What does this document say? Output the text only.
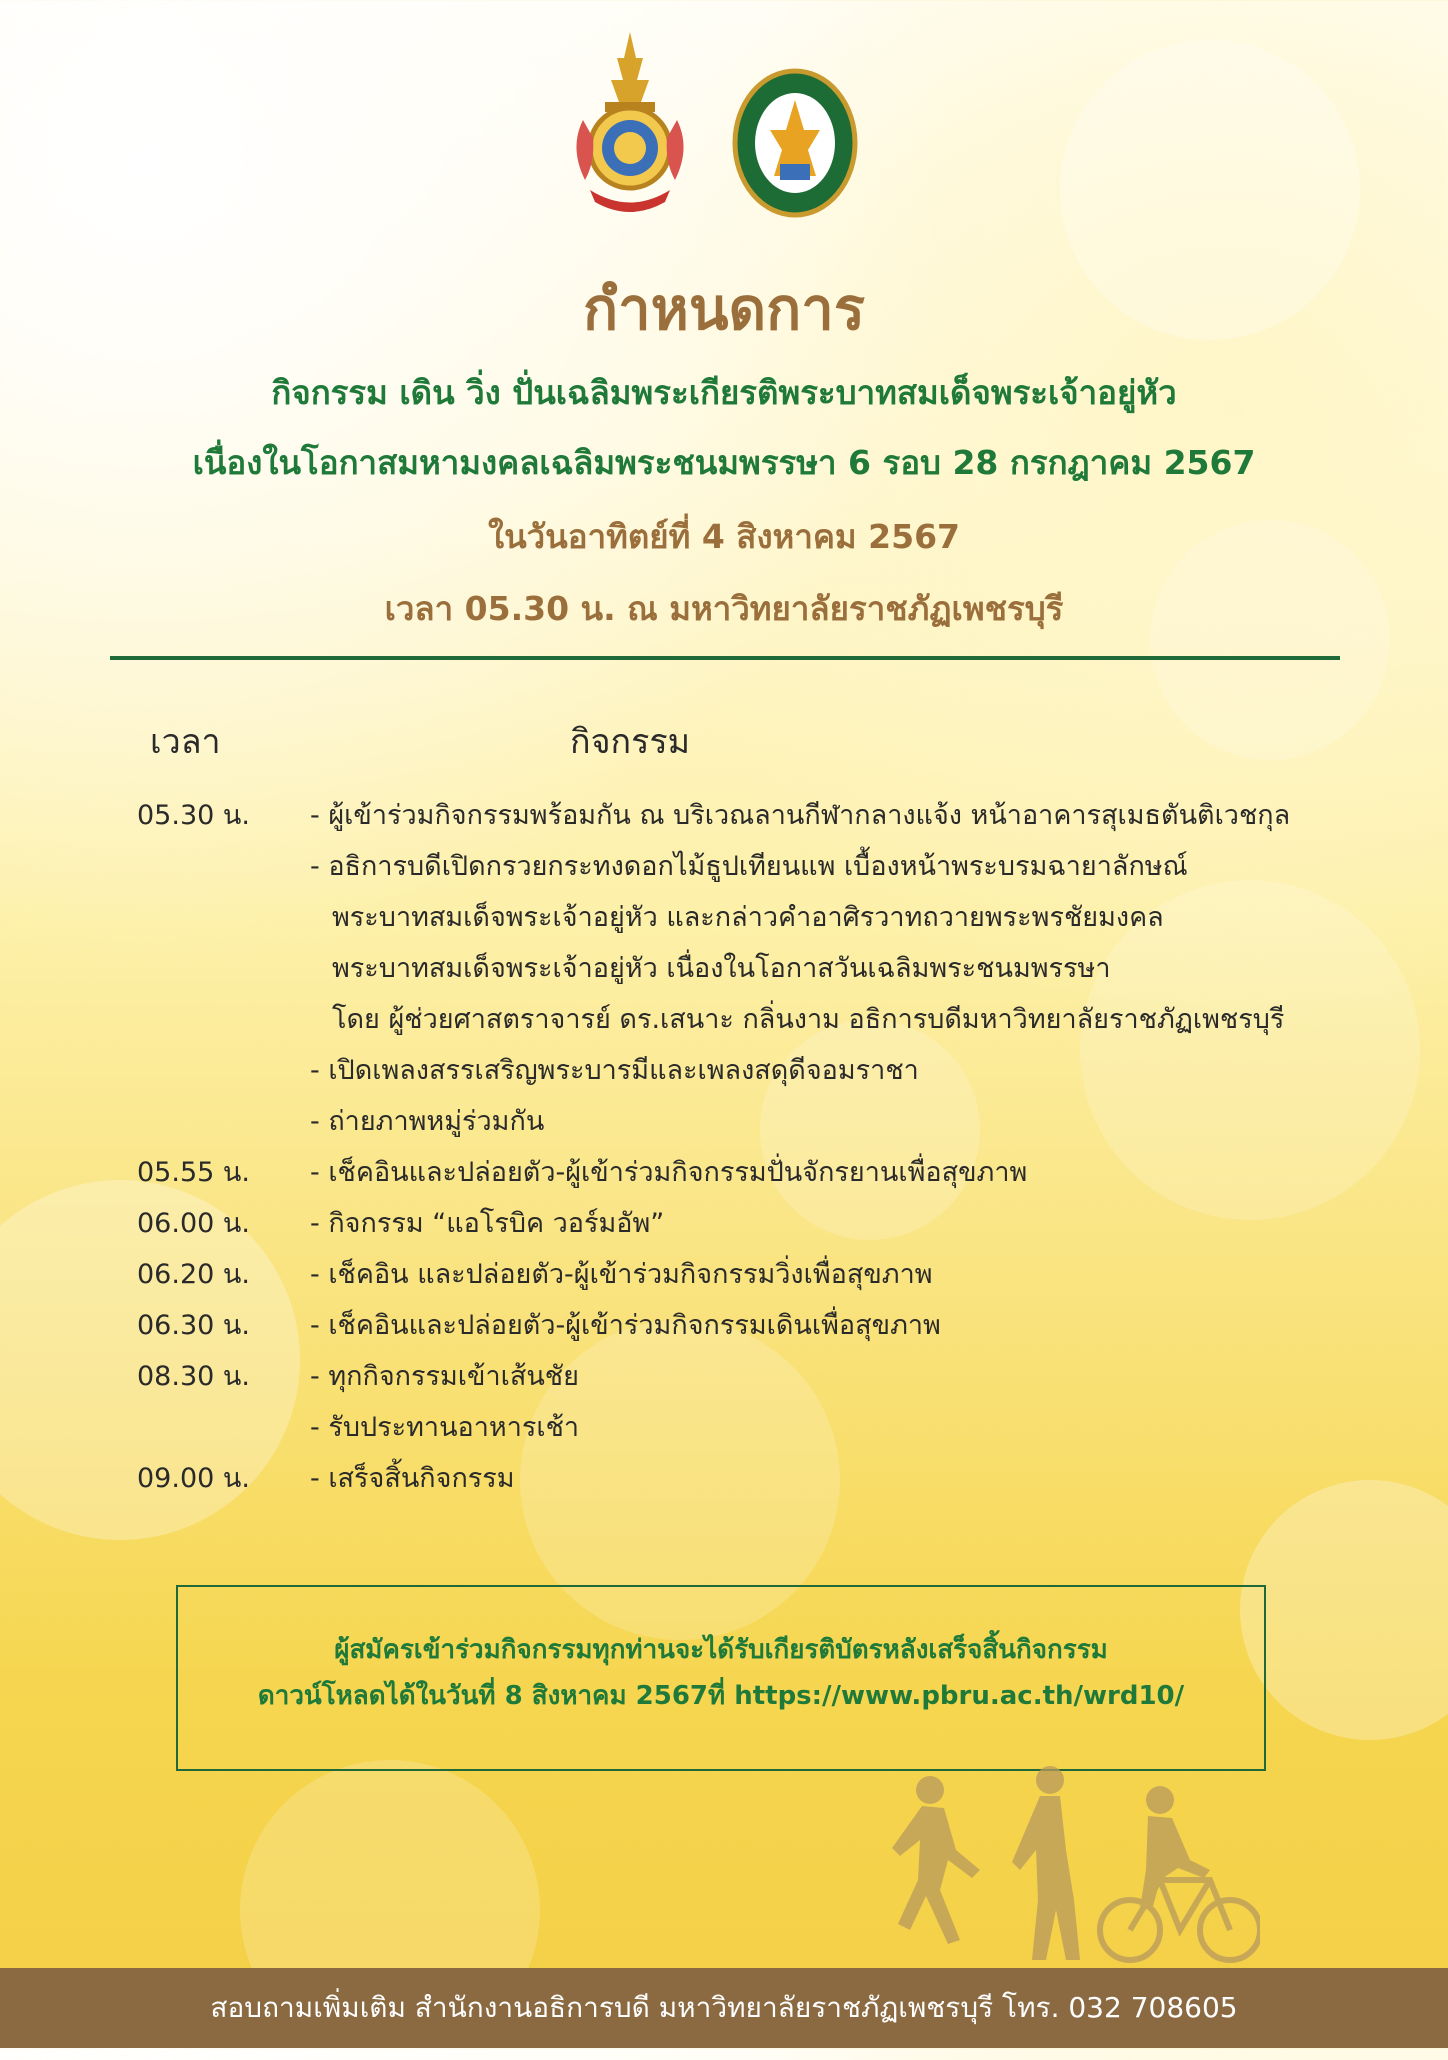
กำหนดการ
กิจกรรม เดิน วิ่ง ปั่นเฉลิมพระเกียรติพระบาทสมเด็จพระเจ้าอยู่หัว
เนื่องในโอกาสมหามงคลเฉลิมพระชนมพรรษา 6 รอบ 28 กรกฎาคม 2567
ในวันอาทิตย์ที่ 4 สิงหาคม 2567
เวลา 05.30 น. ณ มหาวิทยาลัยราชภัฏเพชรบุรี
เวลา	กิจกรรม
05.30 น.	- ผู้เข้าร่วมกิจกรรมพร้อมกัน ณ บริเวณลานกีฬากลางแจ้ง หน้าอาคารสุเมธตันติเวชกุล
- อธิการบดีเปิดกรวยกระทงดอกไม้ธูปเทียนแพ เบื้องหน้าพระบรมฉายาลักษณ์
พระบาทสมเด็จพระเจ้าอยู่หัว และกล่าวคำอาศิรวาทถวายพระพรชัยมงคล
พระบาทสมเด็จพระเจ้าอยู่หัว เนื่องในโอกาสวันเฉลิมพระชนมพรรษา
โดย ผู้ช่วยศาสตราจารย์ ดร.เสนาะ กลิ่นงาม อธิการบดีมหาวิทยาลัยราชภัฏเพชรบุรี
- เปิดเพลงสรรเสริญพระบารมีและเพลงสดุดีจอมราชา
- ถ่ายภาพหมู่ร่วมกัน
05.55 น.	- เช็คอินและปล่อยตัว-ผู้เข้าร่วมกิจกรรมปั่นจักรยานเพื่อสุขภาพ
06.00 น.	- กิจกรรม “แอโรบิค วอร์มอัพ”
06.20 น.	- เช็คอิน และปล่อยตัว-ผู้เข้าร่วมกิจกรรมวิ่งเพื่อสุขภาพ
06.30 น.	- เช็คอินและปล่อยตัว-ผู้เข้าร่วมกิจกรรมเดินเพื่อสุขภาพ
08.30 น.	- ทุกกิจกรรมเข้าเส้นชัย
- รับประทานอาหารเช้า
09.00 น.	- เสร็จสิ้นกิจกรรม
ผู้สมัครเข้าร่วมกิจกรรมทุกท่านจะได้รับเกียรติบัตรหลังเสร็จสิ้นกิจกรรม
ดาวน์โหลดได้ในวันที่ 8 สิงหาคม 2567ที่ https://www.pbru.ac.th/wrd10/
สอบถามเพิ่มเติม สำนักงานอธิการบดี มหาวิทยาลัยราชภัฏเพชรบุรี โทร. 032 708605
